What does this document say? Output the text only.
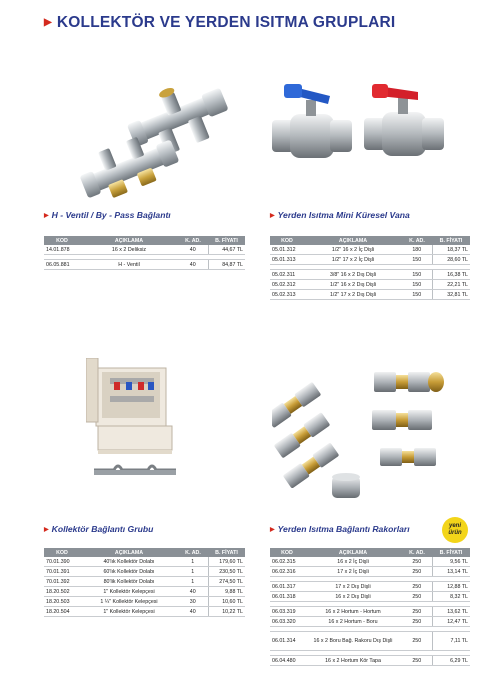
▶ KOLLEKTÖR VE YERDEN ISITMA GRUPLARI
▶ H - Ventil / By - Pass Bağlantı
KOD	AÇIKLAMA	K. AD.	B. FİYATI
14.01.878	16 x 2 Deliksiz	40	44,67 TL

06.05.881	H - Ventil	40	84,87 TL
▶ Yerden Isıtma Mini Küresel Vana
KOD	AÇIKLAMA	K. AD.	B. FİYATI
05.01.312	1/2" 16 x 2 İç Dişli	180	18,37 TL
05.01.313	1/2" 17 x 2 İç Dişli	150	28,60 TL

05.02.311	3/8" 16 x 2 Dış Dişli	150	16,38 TL
05.02.312	1/2" 16 x 2 Dış Dişli	150	22,21 TL
05.02.313	1/2" 17 x 2 Dış Dişli	150	32,81 TL
▶ Kollektör Bağlantı Grubu
KOD	AÇIKLAMA	K. AD.	B. FİYATI
70.01.390	40'lık Kollektör Dolabı	1	179,60 TL
70.01.391	60'lık Kollektör Dolabı	1	230,50 TL
70.01.392	80'lik Kollektör Dolabı	1	274,50 TL
18.20.502	1" Kollektör Kelepçesi	40	9,88 TL
18.20.503	1 ¼" Kollektör Kelepçesi	30	10,60 TL
18.20.504	1" Kollektör Kelepçesi	40	10,22 TL
▶ Yerden Isıtma Bağlantı Rakorları	yeni
ürün
KOD	AÇIKLAMA	K. AD.	B. FİYATI
06.02.315	16 x 2 İç Dişli	250	9,56 TL
06.02.316	17 x 2 İç Dişli	250	13,14 TL

06.01.317	17 x 2 Dış Dişli	250	12,88 TL
06.01.318	16 x 2 Dış Dişli	250	8,32 TL

06.03.319	16 x 2 Hortum - Hortum	250	13,62 TL
06.03.320	16 x 2 Hortum - Boru	250	12,47 TL

06.01.314	16 x 2 Boru Bağ. Rakoru Dış Dişli	250	7,11 TL

06.04.480	16 x 2 Hortum Kör Tapa	250	6,29 TL
